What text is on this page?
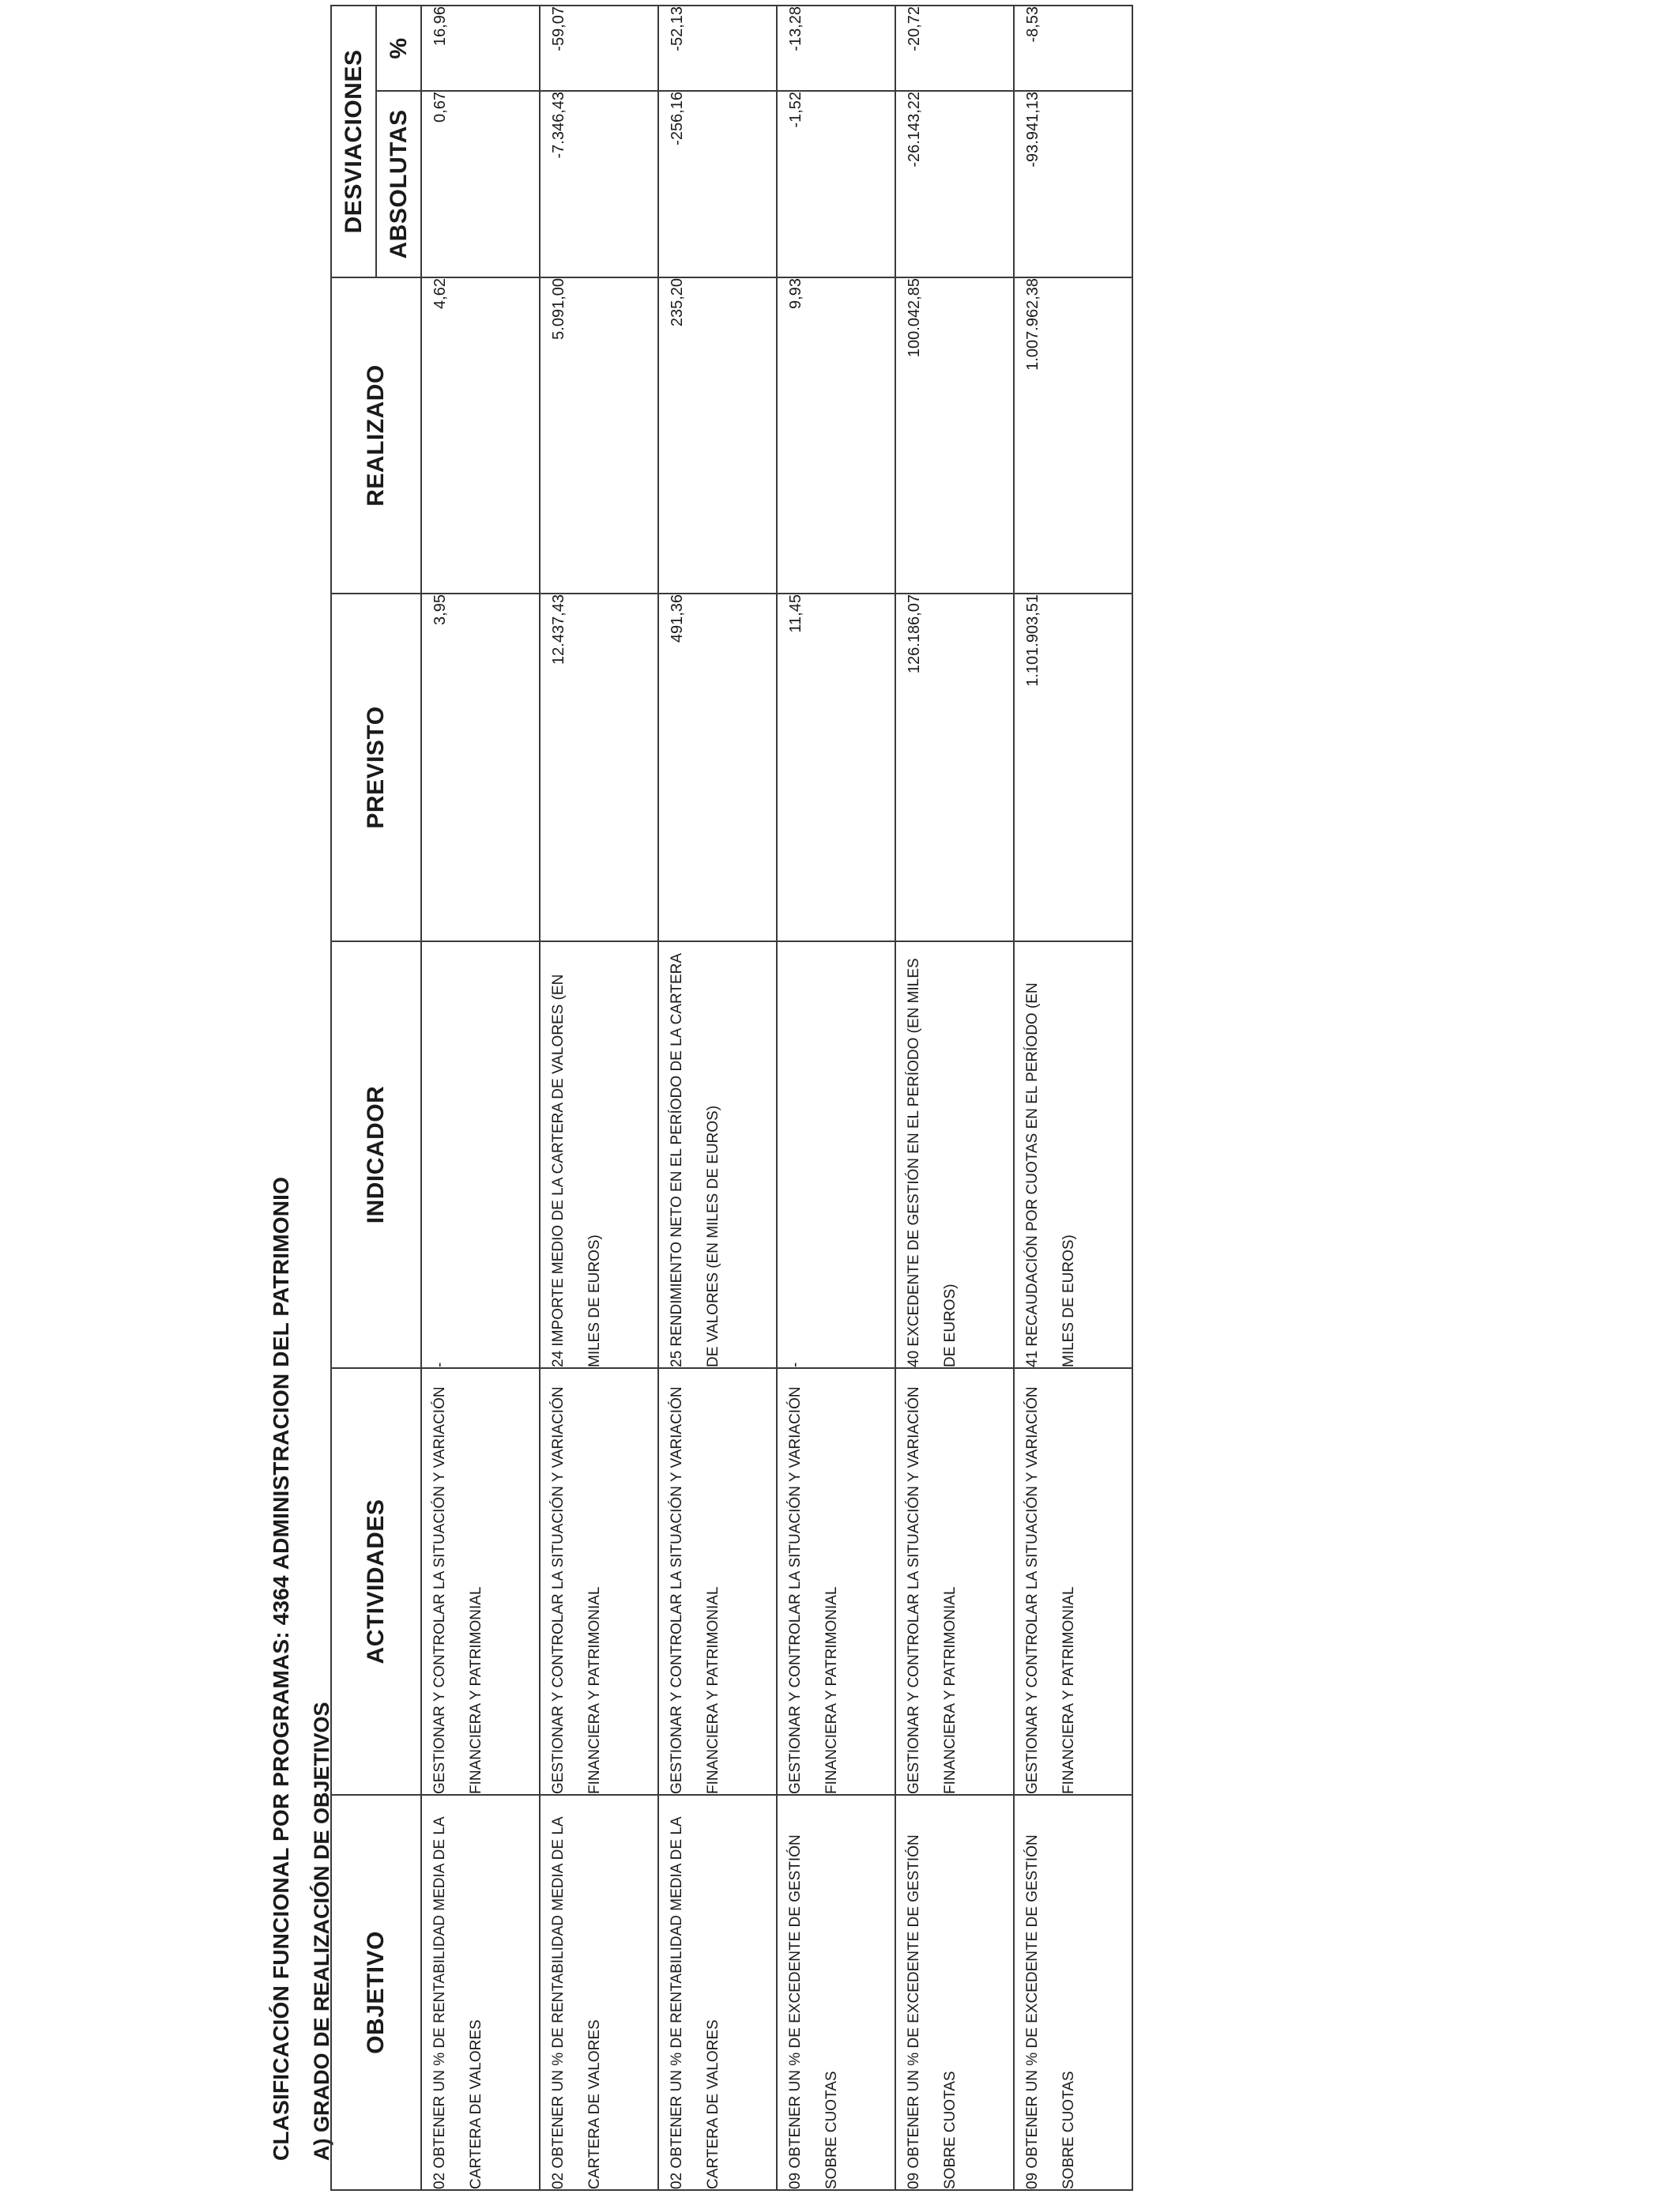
CLASIFICACIÓN FUNCIONAL POR PROGRAMAS: 4364 ADMINISTRACION DEL PATRIMONIO A) GRADO DE REALIZACIÓN DE OBJETIVOS OBJETIVO	ACTIVIDADES	INDICADOR	PREVISTO	REALIZADO	DESVIACIONES	
					ABSOLUTAS	%
02 OBTENER UN % DE RENTABILIDAD MEDIA DE LA CARTERA DE VALORES	GESTIONAR Y CONTROLAR LA SITUACIÓN Y VARIACIÓN FINANCIERA Y PATRIMONIAL	-	3,95	4,62	0,67	16,96
02 OBTENER UN % DE RENTABILIDAD MEDIA DE LA CARTERA DE VALORES	GESTIONAR Y CONTROLAR LA SITUACIÓN Y VARIACIÓN FINANCIERA Y PATRIMONIAL	24 IMPORTE MEDIO DE LA CARTERA DE VALORES (EN MILES DE EUROS)	12.437,43	5.091,00	-7.346,43	-59,07
02 OBTENER UN % DE RENTABILIDAD MEDIA DE LA CARTERA DE VALORES	GESTIONAR Y CONTROLAR LA SITUACIÓN Y VARIACIÓN FINANCIERA Y PATRIMONIAL	25 RENDIMIENTO NETO EN EL PERÍODO DE LA CARTERA DE VALORES (EN MILES DE EUROS)	491,36	235,20	-256,16	-52,13
09 OBTENER UN % DE EXCEDENTE DE GESTIÓN SOBRE CUOTAS	GESTIONAR Y CONTROLAR LA SITUACIÓN Y VARIACIÓN FINANCIERA Y PATRIMONIAL	-	11,45	9,93	-1,52	-13,28
09 OBTENER UN % DE EXCEDENTE DE GESTIÓN SOBRE CUOTAS	GESTIONAR Y CONTROLAR LA SITUACIÓN Y VARIACIÓN FINANCIERA Y PATRIMONIAL	40 EXCEDENTE DE GESTIÓN EN EL PERÍODO (EN MILES DE EUROS)	126.186,07	100.042,85	-26.143,22	-20,72
09 OBTENER UN % DE EXCEDENTE DE GESTIÓN SOBRE CUOTAS	GESTIONAR Y CONTROLAR LA SITUACIÓN Y VARIACIÓN FINANCIERA Y PATRIMONIAL	41 RECAUDACIÓN POR CUOTAS EN EL PERÍODO (EN MILES DE EUROS)	1.101.903,51	1.007.962,38	-93.941,13	-8,53
